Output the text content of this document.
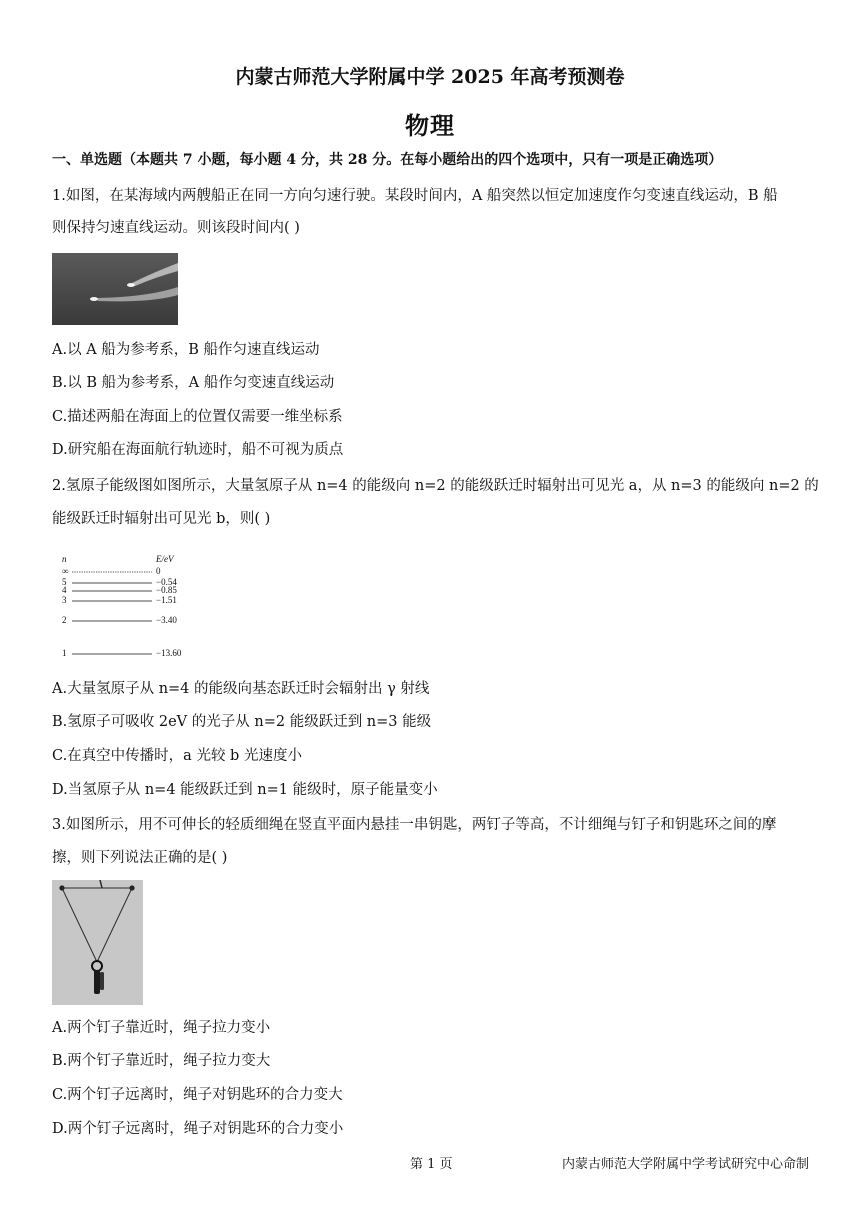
内蒙古师范大学附属中学 2025 年高考预测卷
物理
一、单选题（本题共 7 小题，每小题 4 分，共 28 分。在每小题给出的四个选项中，只有一项是正确选项）
1.如图，在某海域内两艘船正在同一方向匀速行驶。某段时间内，A 船突然以恒定加速度作匀变速直线运动，B 船
则保持匀速直线运动。则该段时间内( )
A.以 A 船为参考系，B 船作匀速直线运动
B.以 B 船为参考系，A 船作匀变速直线运动
C.描述两船在海面上的位置仅需要一维坐标系
D.研究船在海面航行轨迹时，船不可视为质点
2.氢原子能级图如图所示，大量氢原子从 n=4 的能级向 n=2 的能级跃迁时辐射出可见光 a，从 n=3 的能级向 n=2 的
能级跃迁时辐射出可见光 b，则( )
n	E/eV
∞	0
5	−0.54
4	−0.85
3	−1.51
2	−3.40
1	−13.60
A.大量氢原子从 n=4 的能级向基态跃迁时会辐射出 γ 射线
B.氢原子可吸收 2eV 的光子从 n=2 能级跃迁到 n=3 能级
C.在真空中传播时，a 光较 b 光速度小
D.当氢原子从 n=4 能级跃迁到 n=1 能级时，原子能量变小
3.如图所示，用不可伸长的轻质细绳在竖直平面内悬挂一串钥匙，两钉子等高，不计细绳与钉子和钥匙环之间的摩
擦，则下列说法正确的是( )
A.两个钉子靠近时，绳子拉力变小
B.两个钉子靠近时，绳子拉力变大
C.两个钉子远离时，绳子对钥匙环的合力变大
D.两个钉子远离时，绳子对钥匙环的合力变小
第 1 页	内蒙古师范大学附属中学考试研究中心命制
